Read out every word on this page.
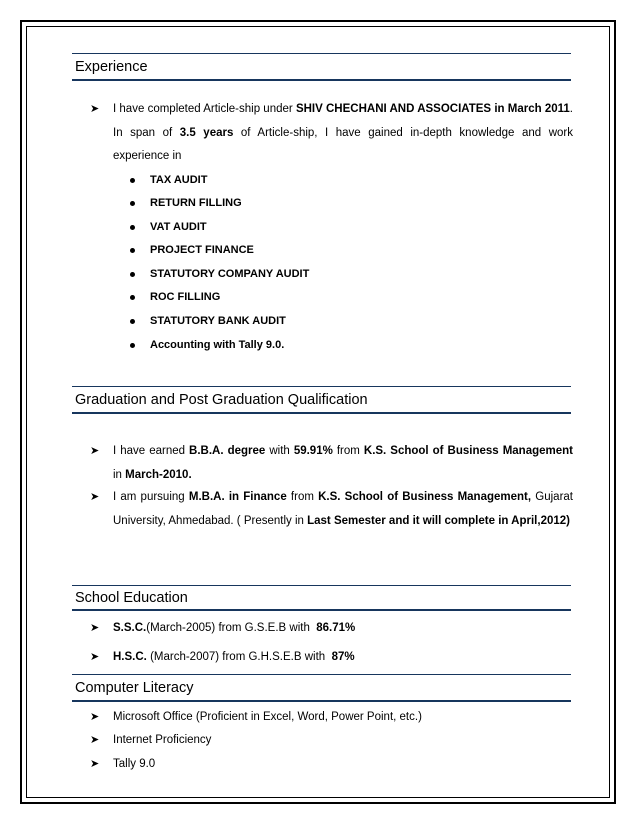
Experience
➤	I have completed Article-ship under SHIV CHECHANI AND ASSOCIATES in March 2011. In span of 3.5 years of Article-ship, I have gained in-depth knowledge and work experience in
TAX AUDIT
RETURN FILLING
VAT AUDIT
PROJECT FINANCE
STATUTORY COMPANY AUDIT
ROC FILLING
STATUTORY BANK AUDIT
Accounting with Tally 9.0.
Graduation and Post Graduation Qualification
➤	I have earned B.B.A. degree with 59.91% from K.S. School of Business Management in March-2010.
➤	I am pursuing M.B.A. in Finance from K.S. School of Business Management, Gujarat University, Ahmedabad. ( Presently in Last Semester and it will complete in April,2012)
School Education
➤	S.S.C.(March-2005) from G.S.E.B with  86.71%
➤	H.S.C. (March-2007) from G.H.S.E.B with  87%
Computer Literacy
➤	Microsoft Office (Proficient in Excel, Word, Power Point, etc.)
➤	Internet Proficiency
➤	Tally 9.0
